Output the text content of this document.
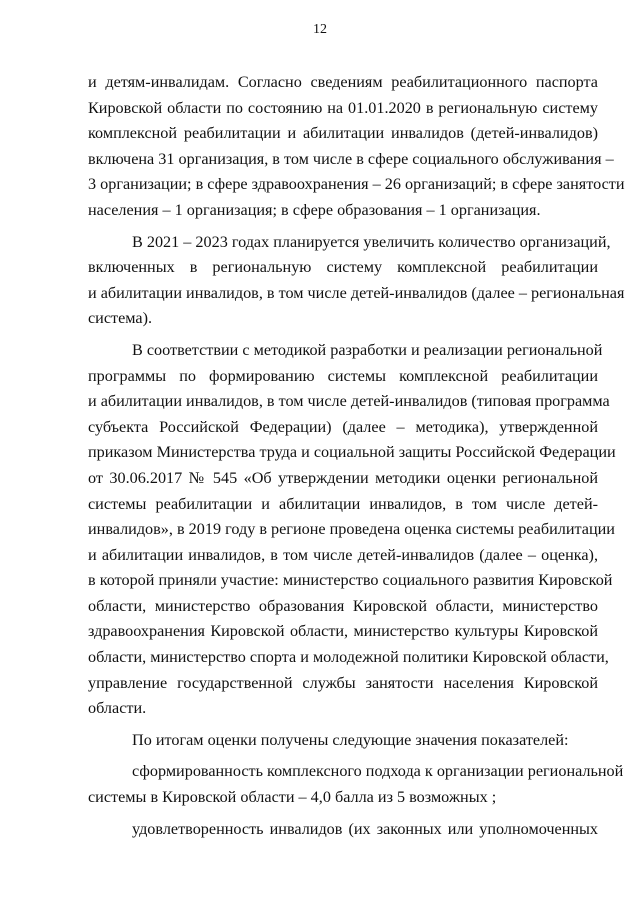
12
и детям-инвалидам. Согласно сведениям реабилитационного паспорта
Кировской области по состоянию на 01.01.2020 в региональную систему
комплексной реабилитации и абилитации инвалидов (детей-инвалидов)
включена 31 организация, в том числе в сфере социального обслуживания –
3 организации; в сфере здравоохранения – 26 организаций; в сфере занятости
населения – 1 организация; в сфере образования – 1 организация.
В 2021 – 2023 годах планируется увеличить количество организаций,
включенных в региональную систему комплексной реабилитации
и абилитации инвалидов, в том числе детей-инвалидов (далее – региональная
система).
В соответствии с методикой разработки и реализации региональной
программы по формированию системы комплексной реабилитации
и абилитации инвалидов, в том числе детей-инвалидов (типовая программа
субъекта Российской Федерации) (далее – методика), утвержденной
приказом Министерства труда и социальной защиты Российской Федерации
от 30.06.2017 № 545 «Об утверждении методики оценки региональной
системы реабилитации и абилитации инвалидов, в том числе детей-
инвалидов», в 2019 году в регионе проведена оценка системы реабилитации
и абилитации инвалидов, в том числе детей-инвалидов (далее – оценка),
в которой приняли участие: министерство социального развития Кировской
области, министерство образования Кировской области, министерство
здравоохранения Кировской области, министерство культуры Кировской
области, министерство спорта и молодежной политики Кировской области,
управление государственной службы занятости населения Кировской
области.
По итогам оценки получены следующие значения показателей:
сформированность комплексного подхода к организации региональной
системы в Кировской области – 4,0 балла из 5 возможных ;
удовлетворенность инвалидов (их законных или уполномоченных
